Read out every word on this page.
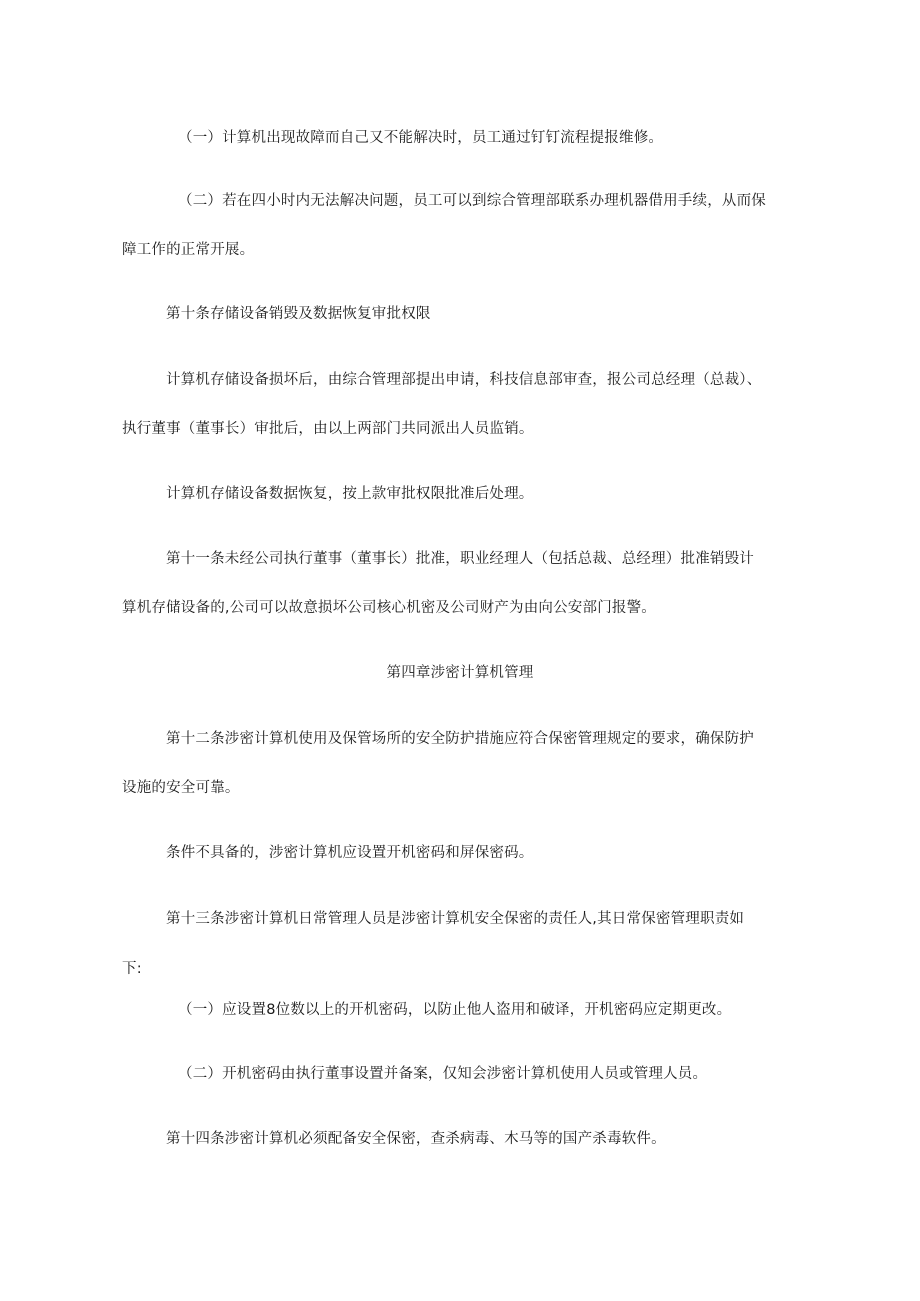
（一）计算机出现故障而自己又不能解决时，员工通过钉钉流程提报维修。
（二）若在四小时内无法解决问题，员工可以到综合管理部联系办理机器借用手续，从而保
障工作的正常开展。
第十条存储设备销毁及数据恢复审批权限
计算机存储设备损坏后，由综合管理部提出申请，科技信息部审查，报公司总经理（总裁）、
执行董事（董事长）审批后，由以上两部门共同派出人员监销。
计算机存储设备数据恢复，按上款审批权限批准后处理。
第十一条未经公司执行董事（董事长）批准，职业经理人（包括总裁、总经理）批准销毁计
算机存储设备的,公司可以故意损坏公司核心机密及公司财产为由向公安部门报警。
第四章涉密计算机管理
第十二条涉密计算机使用及保管场所的安全防护措施应符合保密管理规定的要求，确保防护
设施的安全可靠。
条件不具备的，涉密计算机应设置开机密码和屏保密码。
第十三条涉密计算机日常管理人员是涉密计算机安全保密的责任人,其日常保密管理职责如
下:
（一）应设置8位数以上的开机密码，以防止他人盗用和破译，开机密码应定期更改。
（二）开机密码由执行董事设置并备案，仅知会涉密计算机使用人员或管理人员。
第十四条涉密计算机必须配备安全保密，查杀病毒、木马等的国产杀毒软件。
